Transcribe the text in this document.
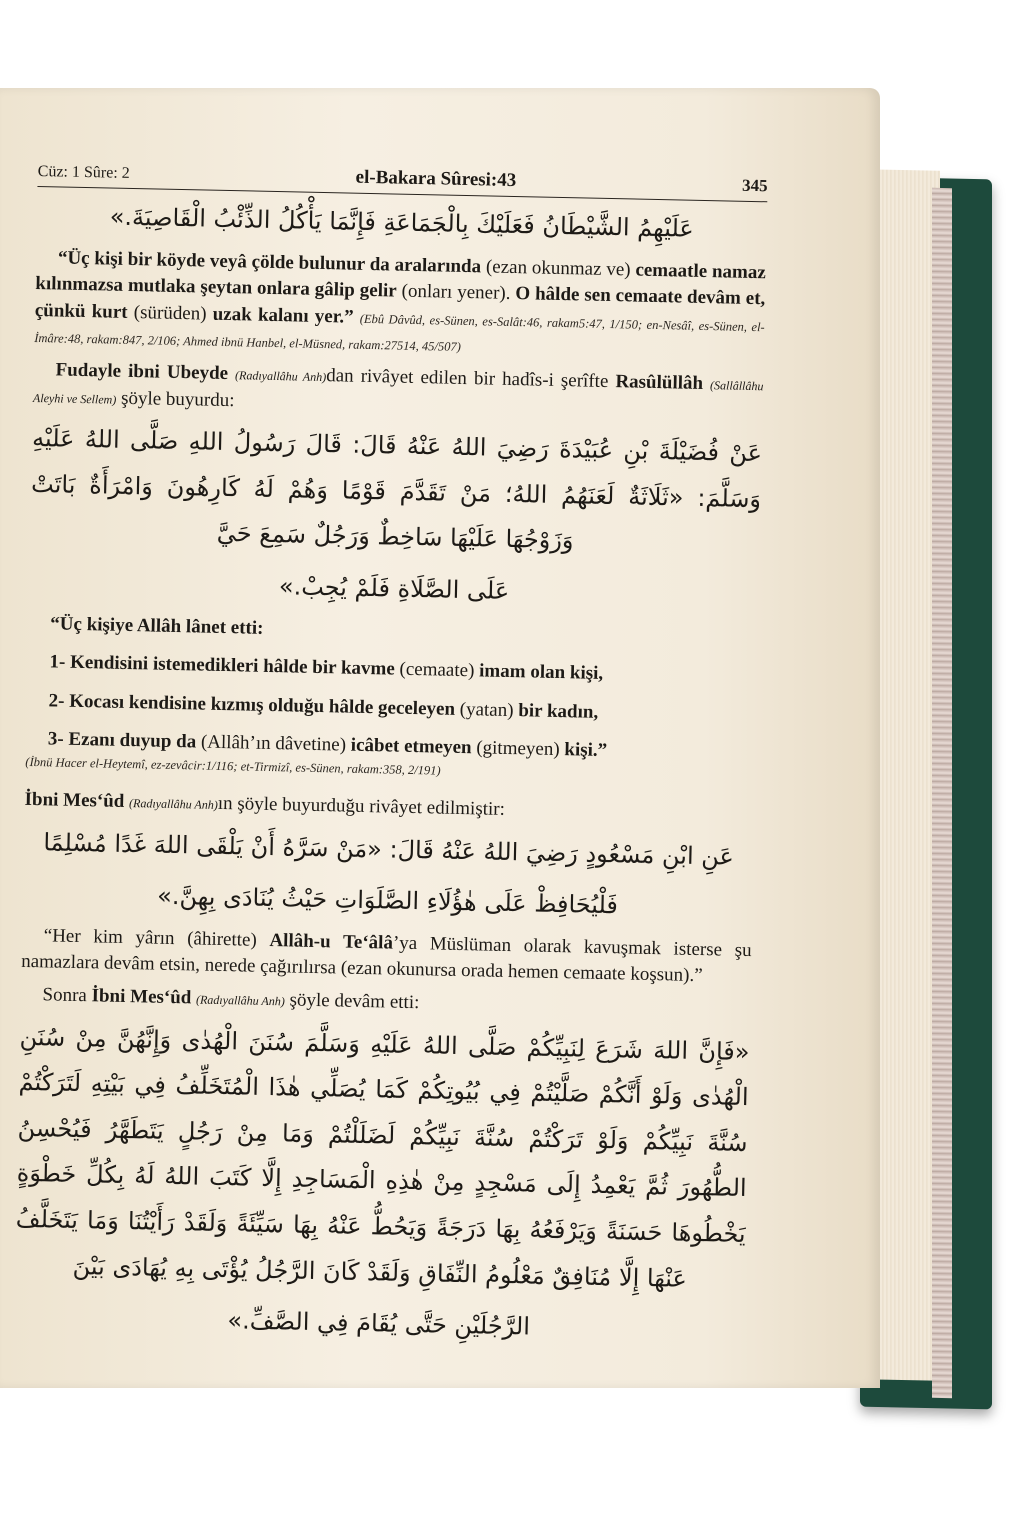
Cüz: 1 Sûre: 2	el-Bakara Sûresi:43	345
عَلَيْهِمُ الشَّيْطَانُ فَعَلَيْكَ بِالْجَمَاعَةِ فَإِنَّمَا يَأْكُلُ الذِّئْبُ الْقَاصِيَةَ.»

“Üç kişi bir köyde veyâ çölde bulunur da aralarında (ezan okunmaz ve) cemaatle namaz kılınmazsa mutlaka şeytan onlara gâlip gelir (onları yener). O hâlde sen cemaate devâm et, çünkü kurt (sürüden) uzak kalanı yer.” (Ebû Dâvûd, es-Sünen, es-Salât:46, rakam5:47, 1/150; en-Nesâî, es-Sünen, el-İmâre:48, rakam:847, 2/106; Ahmed ibnü Hanbel, el-Müsned, rakam:27514, 45/507)

Fudayle ibni Ubeyde (Radıyallâhu Anh)dan rivâyet edilen bir hadîs-i şerîfte Rasûlüllâh (Sallâllâhu Aleyhi ve Sellem) şöyle buyurdu:

عَنْ فُضَيْلَةَ بْنِ عُبَيْدَةَ رَضِيَ اللهُ عَنْهُ قَالَ: قَالَ رَسُولُ اللهِ صَلَّى اللهُ عَلَيْهِ وَسَلَّمَ: «ثَلَاثَةٌ لَعَنَهُمُ اللهُ؛ مَنْ تَقَدَّمَ قَوْمًا وَهُمْ لَهُ كَارِهُونَ وَامْرَأَةٌ بَاتَتْ وَزَوْجُهَا عَلَيْهَا سَاخِطٌ وَرَجُلٌ سَمِعَ حَيَّ
عَلَى الصَّلَاةِ فَلَمْ يُجِبْ.»

“Üç kişiye Allâh lânet etti:

1- Kendisini istemedikleri hâlde bir kavme (cemaate) imam olan kişi,
2- Kocası kendisine kızmış olduğu hâlde geceleyen (yatan) bir kadın,
3- Ezanı duyup da (Allâh’ın dâvetine) icâbet etmeyen (gitmeyen) kişi.”
(İbnü Hacer el-Heytemî, ez-zevâcir:1/116; et-Tirmizî, es-Sünen, rakam:358, 2/191)

İbni Mes‘ûd (Radıyallâhu Anh)ın şöyle buyurduğu rivâyet edilmiştir:

عَنِ ابْنِ مَسْعُودٍ رَضِيَ اللهُ عَنْهُ قَالَ: «مَنْ سَرَّهُ أَنْ يَلْقَى اللهَ غَدًا مُسْلِمًا
فَلْيُحَافِظْ عَلَى هٰؤُلَاءِ الصَّلَوَاتِ حَيْثُ يُنَادَى بِهِنَّ.»

“Her kim yârın (âhirette) Allâh-u Te‘âlâ’ya Müslüman olarak kavuşmak isterse şu namazlara devâm etsin, nerede çağırılırsa (ezan okunursa orada hemen cemaate koşsun).”

Sonra İbni Mes‘ûd (Radıyallâhu Anh) şöyle devâm etti:

«فَإِنَّ اللهَ شَرَعَ لِنَبِيِّكُمْ صَلَّى اللهُ عَلَيْهِ وَسَلَّمَ سُنَنَ الْهُدٰى وَإِنَّهُنَّ مِنْ سُنَنِ الْهُدٰى وَلَوْ أَنَّكُمْ صَلَّيْتُمْ فِي بُيُوتِكُمْ كَمَا يُصَلِّي هٰذَا الْمُتَخَلِّفُ فِي بَيْتِهِ لَتَرَكْتُمْ سُنَّةَ نَبِيِّكُمْ وَلَوْ تَرَكْتُمْ سُنَّةَ نَبِيِّكُمْ لَضَلَلْتُمْ وَمَا مِنْ رَجُلٍ يَتَطَهَّرُ فَيُحْسِنُ الطُّهُورَ ثُمَّ يَعْمِدُ إِلَى مَسْجِدٍ مِنْ هٰذِهِ الْمَسَاجِدِ إِلَّا كَتَبَ اللهُ لَهُ بِكُلِّ خَطْوَةٍ يَخْطُوهَا حَسَنَةً وَيَرْفَعُهُ بِهَا دَرَجَةً وَيَحُطُّ عَنْهُ بِهَا سَيِّئَةً وَلَقَدْ رَأَيْتُنَا وَمَا يَتَخَلَّفُ عَنْهَا إِلَّا مُنَافِقٌ مَعْلُومُ النِّفَاقِ وَلَقَدْ كَانَ الرَّجُلُ يُؤْتَى بِهِ يُهَادَى بَيْنَ
الرَّجُلَيْنِ حَتَّى يُقَامَ فِي الصَّفِّ.»
